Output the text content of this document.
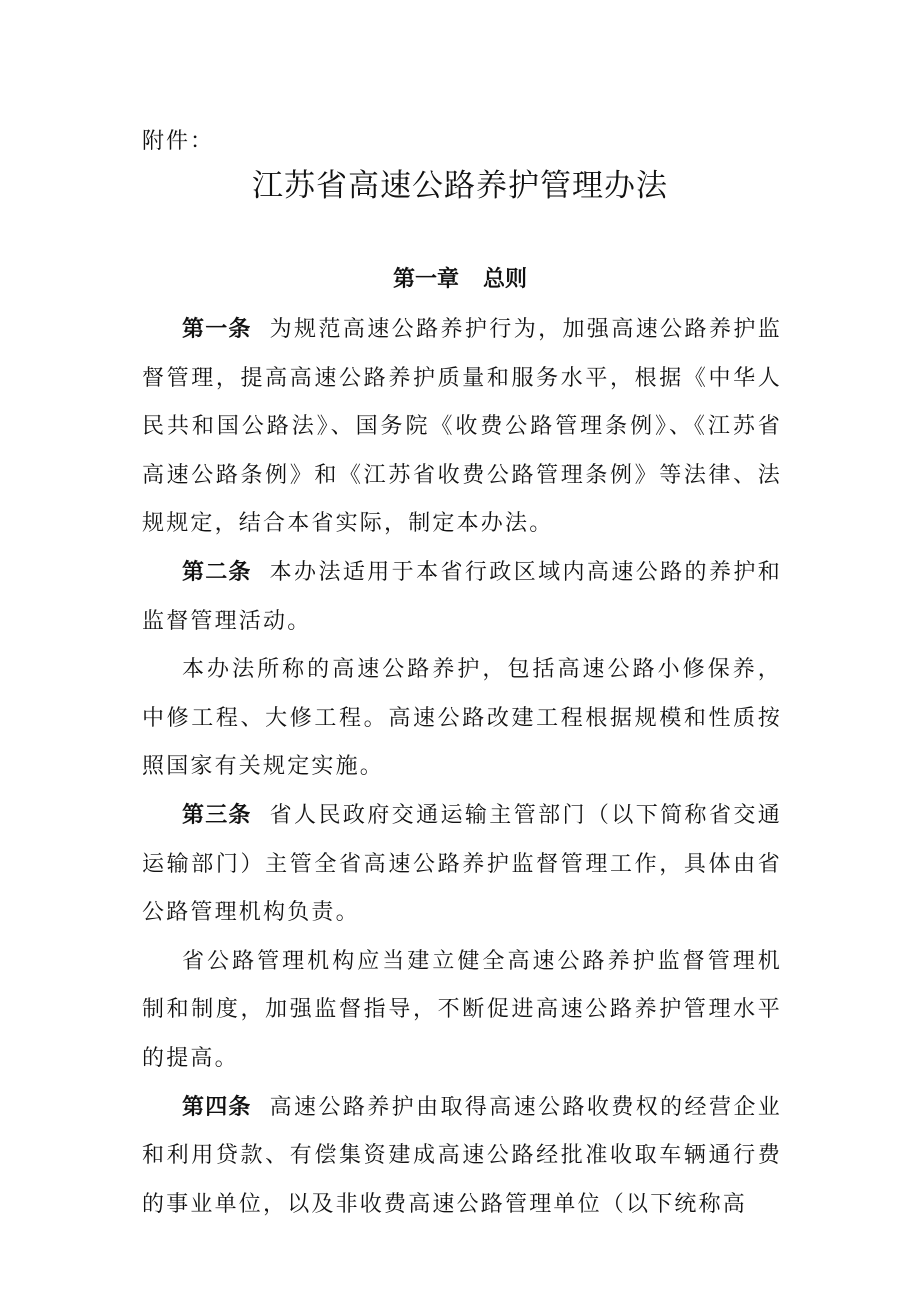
附件：
江苏省高速公路养护管理办法
第一章 总则

第一条 为规范高速公路养护行为，加强高速公路养护监督管理，提高高速公路养护质量和服务水平，根据《中华人民共和国公路法》、国务院《收费公路管理条例》、《江苏省高速公路条例》和《江苏省收费公路管理条例》等法律、法规规定，结合本省实际，制定本办法。

第二条 本办法适用于本省行政区域内高速公路的养护和监督管理活动。

本办法所称的高速公路养护，包括高速公路小修保养，中修工程、大修工程。高速公路改建工程根据规模和性质按照国家有关规定实施。

第三条 省人民政府交通运输主管部门（以下简称省交通运输部门）主管全省高速公路养护监督管理工作，具体由省公路管理机构负责。

省公路管理机构应当建立健全高速公路养护监督管理机制和制度，加强监督指导，不断促进高速公路养护管理水平的提高。

第四条 高速公路养护由取得高速公路收费权的经营企业和利用贷款、有偿集资建成高速公路经批准收取车辆通行费的事业单位，以及非收费高速公路管理单位（以下统称高
